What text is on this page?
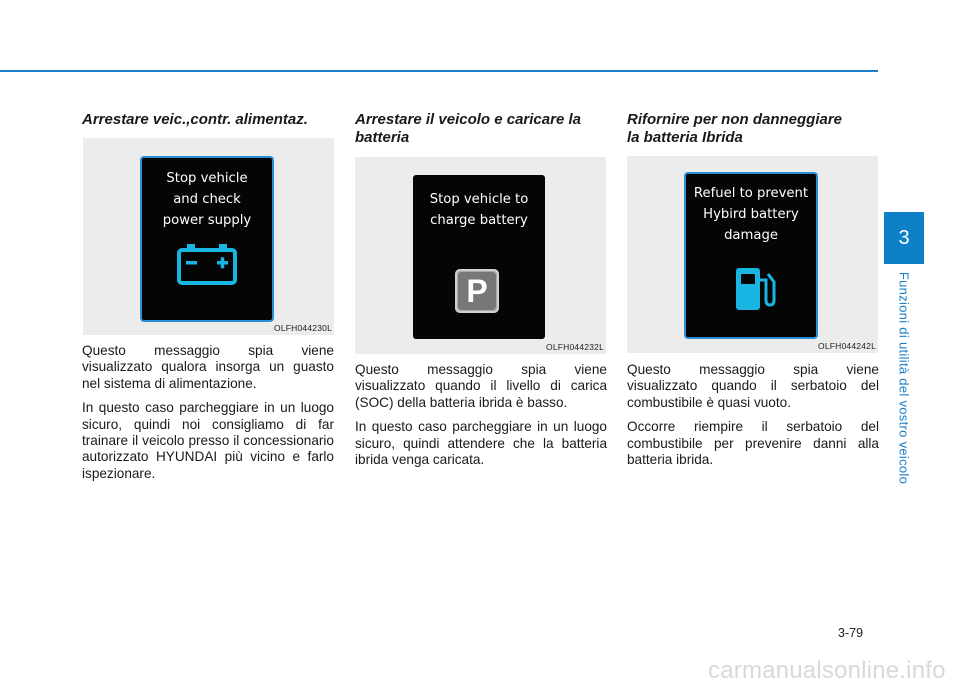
Arrestare veic.,contr. alimentaz.

Stop vehicle
and check
power supply

OLFH044230L

Questo messaggio spia viene visualizzato qualora insorga un guasto nel sistema di alimentazione.

In questo caso parcheggiare in un luogo sicuro, quindi noi consigliamo di far trainare il veicolo presso il concessionario autorizzato HYUNDAI più vicino e farlo ispezionare.

Arrestare il veicolo e caricare la
batteria

Stop vehicle to
charge battery

P

OLFH044232L

Questo messaggio spia viene visualizzato quando il livello di carica (SOC) della batteria ibrida è basso.

In questo caso parcheggiare in un luogo sicuro, quindi attendere che la batteria ibrida venga caricata.

Rifornire per non danneggiare
la batteria Ibrida

Refuel to prevent
Hybird battery
damage

OLFH044242L

Questo messaggio spia viene visualizzato quando il serbatoio del combustibile è quasi vuoto.

Occorre riempire il serbatoio del combustibile per prevenire danni alla batteria ibrida.

3
Funzioni di utilità del vostro veicolo
3-79
carmanualsonline.info
